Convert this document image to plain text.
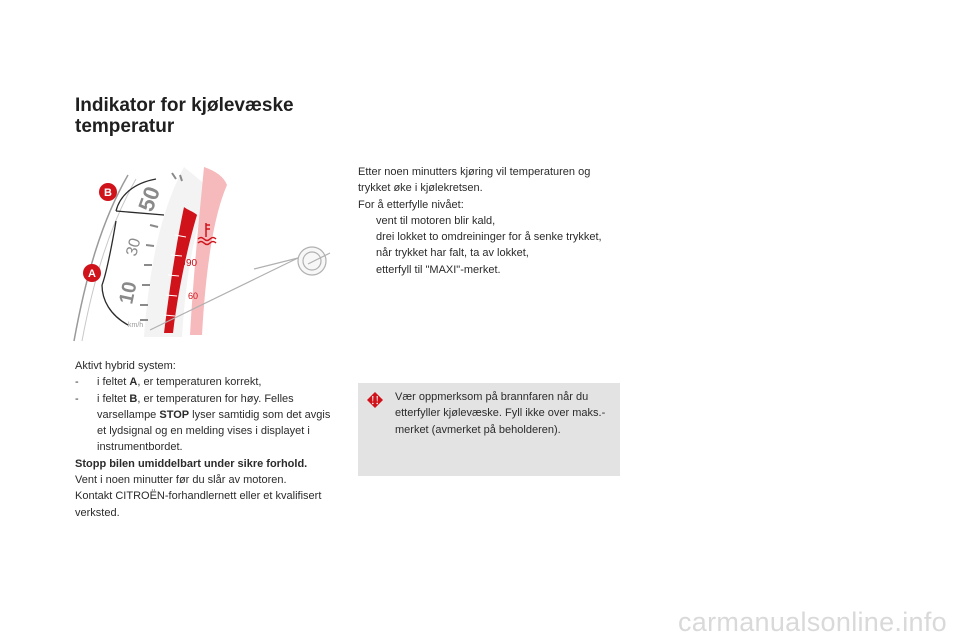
Indikator for kjølevæske temperatur
10
30
50
km/h
90
60
B
A

Aktivt hybrid system:

-	i feltet A, er temperaturen korrekt,
-	i feltet B, er temperaturen for høy. Felles varsellampe STOP lyser samtidig som det avgis et lydsignal og en melding vises i displayet i instrumentbordet.

Stopp bilen umiddelbart under sikre forhold.

Vent i noen minutter før du slår av motoren.

Kontakt CITROËN-forhandlernett eller et kvalifisert verksted.

Etter noen minutters kjøring vil temperaturen og trykket øke i kjølekretsen.

For å etterfylle nivået:

vent til motoren blir kald,
drei lokket to omdreininger for å senke trykket,
når trykket har falt, ta av lokket,
etterfyll til "MAXI"-merket.
Vær oppmerksom på brannfaren når du etterfyller kjølevæske. Fyll ikke over maks.-merket (avmerket på beholderen).
carmanualsonline.info
